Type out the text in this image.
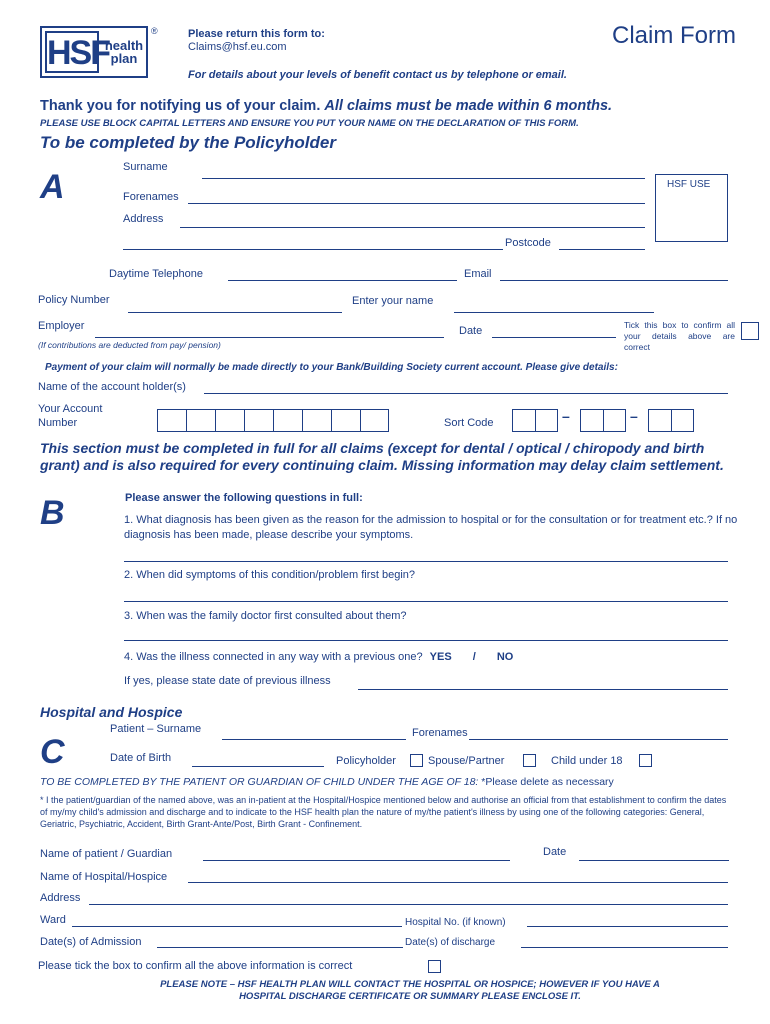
HSF
health
plan
®	Please return this form to:
Claims@hsf.eu.com	Claim Form
For details about your levels of benefit contact us by telephone or email.
Thank you for notifying us of your claim. All claims must be made within 6 months.
PLEASE USE BLOCK CAPITAL LETTERS AND ENSURE YOU PUT YOUR NAME ON THE DECLARATION OF THIS FORM.
To be completed by the Policyholder
A
Surname
HSF USE
Forenames
Address
Postcode
Daytime Telephone	Email
Policy Number	Enter your name
Employer
(If contributions are deducted from pay/ pension)
Date	Tick this box to confirm all your details above are correct
Payment of your claim will normally be made directly to your Bank/Building Society current account. Please give details:
Name of the account holder(s)
Your Account
Number	Sort Code	–	–
This section must be completed in full for all claims (except for dental / optical / chiropody and birth grant) and is also required for every continuing claim. Missing information may delay claim settlement.
B	Please answer the following questions in full:
1. What diagnosis has been given as the reason for the admission to hospital or for the consultation or for treatment etc.? If no diagnosis has been made, please describe your symptoms.
2. When did symptoms of this condition/problem first begin?
3. When was the family doctor first consulted about them?
4. Was the illness connected in any way with a previous one? YES / NO
If yes, please state date of previous illness
Hospital and Hospice
C
Patient – Surname	Forenames
Date of Birth	Policyholder	Spouse/Partner	Child under 18
TO BE COMPLETED BY THE PATIENT OR GUARDIAN OF CHILD UNDER THE AGE OF 18: *Please delete as necessary
* I the patient/guardian of the named above, was an in-patient at the Hospital/Hospice mentioned below and authorise an official from that establishment to confirm the dates of my/my child's admission and discharge and to indicate to the HSF health plan the nature of my/the patient's illness by using one of the following categories: General, Geriatric, Psychiatric, Accident, Birth Grant-Ante/Post, Birth Grant - Confinement.
Name of patient / Guardian	Date
Name of Hospital/Hospice
Address
Ward	Hospital No. (if known)
Date(s) of Admission	Date(s) of discharge
Please tick the box to confirm all the above information is correct
PLEASE NOTE – HSF HEALTH PLAN WILL CONTACT THE HOSPITAL OR HOSPICE; HOWEVER IF YOU HAVE A
HOSPITAL DISCHARGE CERTIFICATE OR SUMMARY PLEASE ENCLOSE IT.
